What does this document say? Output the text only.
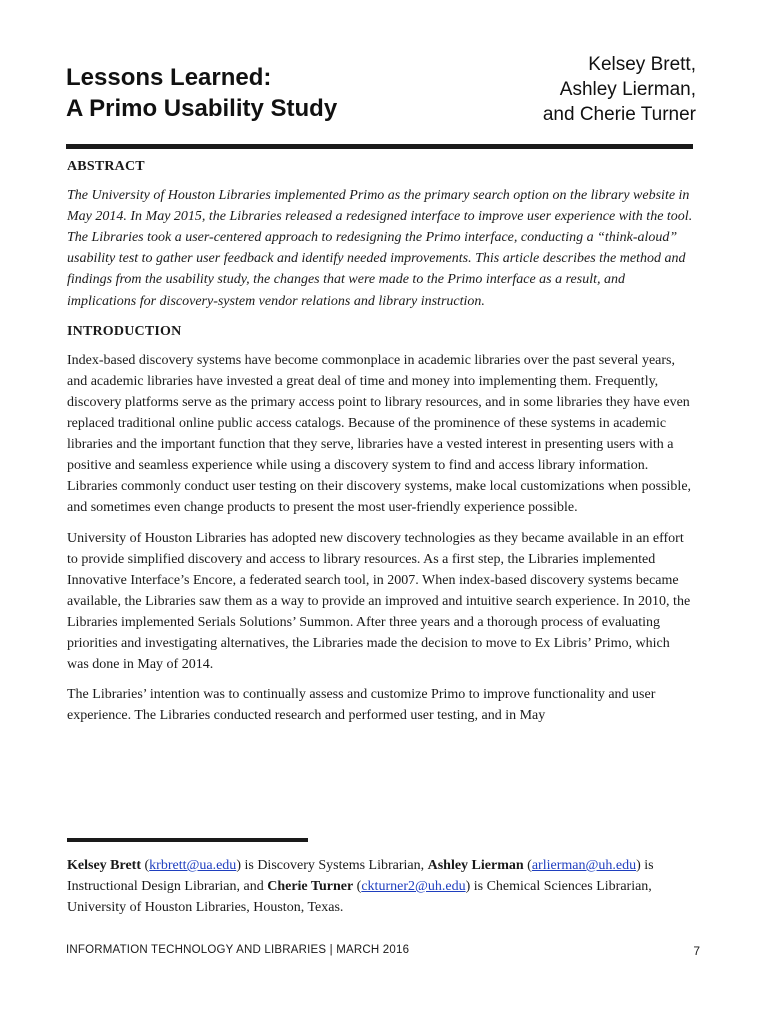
Lessons Learned:
A Primo Usability Study
Kelsey Brett,
Ashley Lierman,
and Cherie Turner
ABSTRACT

The University of Houston Libraries implemented Primo as the primary search option on the library website in May 2014. In May 2015, the Libraries released a redesigned interface to improve user experience with the tool. The Libraries took a user-centered approach to redesigning the Primo interface, conducting a “think-aloud” usability test to gather user feedback and identify needed improvements. This article describes the method and findings from the usability study, the changes that were made to the Primo interface as a result, and implications for discovery-system vendor relations and library instruction.

INTRODUCTION

Index-based discovery systems have become commonplace in academic libraries over the past several years, and academic libraries have invested a great deal of time and money into implementing them. Frequently, discovery platforms serve as the primary access point to library resources, and in some libraries they have even replaced traditional online public access catalogs. Because of the prominence of these systems in academic libraries and the important function that they serve, libraries have a vested interest in presenting users with a positive and seamless experience while using a discovery system to find and access library information. Libraries commonly conduct user testing on their discovery systems, make local customizations when possible, and sometimes even change products to present the most user-friendly experience possible.

University of Houston Libraries has adopted new discovery technologies as they became available in an effort to provide simplified discovery and access to library resources. As a first step, the Libraries implemented Innovative Interface’s Encore, a federated search tool, in 2007. When index-based discovery systems became available, the Libraries saw them as a way to provide an improved and intuitive search experience. In 2010, the Libraries implemented Serials Solutions’ Summon. After three years and a thorough process of evaluating priorities and investigating alternatives, the Libraries made the decision to move to Ex Libris’ Primo, which was done in May of 2014.

The Libraries’ intention was to continually assess and customize Primo to improve functionality and user experience. The Libraries conducted research and performed user testing, and in May

Kelsey Brett (krbrett@ua.edu) is Discovery Systems Librarian, Ashley Lierman (arlierman@uh.edu) is Instructional Design Librarian, and Cherie Turner (ckturner2@uh.edu) is Chemical Sciences Librarian, University of Houston Libraries, Houston, Texas.
INFORMATION TECHNOLOGY AND LIBRARIES | MARCH 2016	7
